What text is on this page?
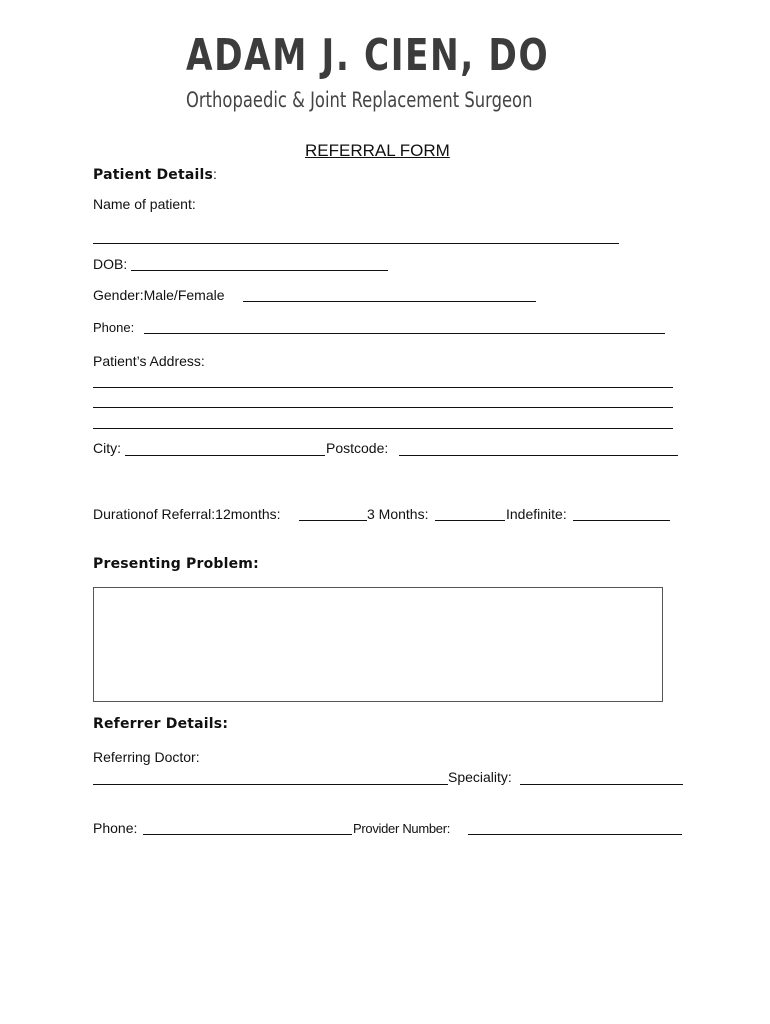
ADAM J. CIEN, DO
Orthopaedic & Joint Replacement Surgeon
REFERRAL FORM
Patient Details:
Name of patient:
DOB:
Gender:Male/Female
Phone:
Patient’s Address:
City:	Postcode:
Durationof Referral:12months:	3 Months:	Indefinite:
Presenting Problem:
Referrer Details:
Referring Doctor:
Speciality:
Phone:	Provider Number:
